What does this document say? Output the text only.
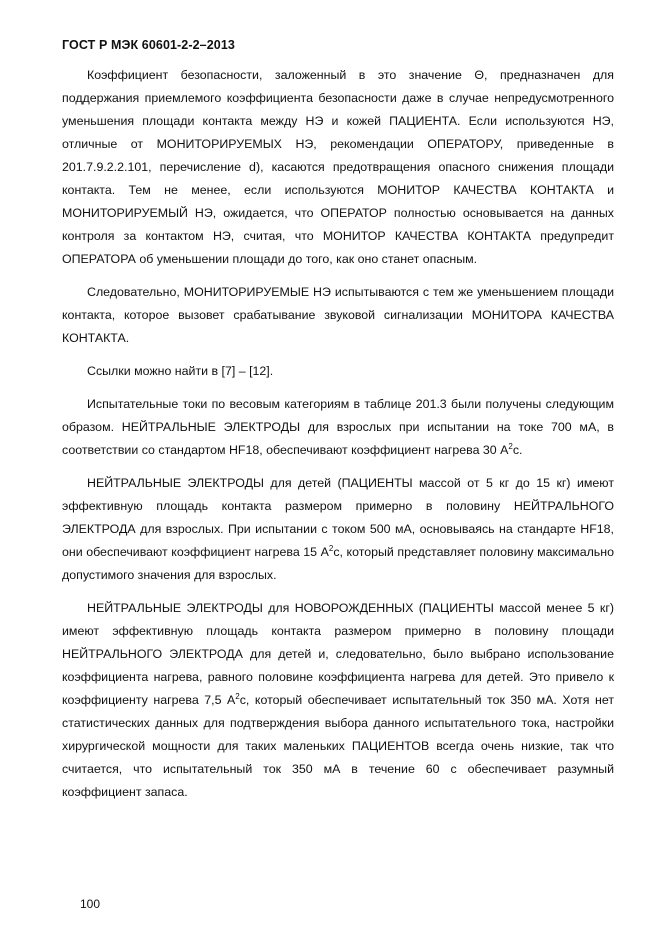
ГОСТ Р МЭК 60601-2-2–2013

Коэффициент безопасности, заложенный в это значение Θ, предназначен для поддержания приемлемого коэффициента безопасности даже в случае непредусмотренного уменьшения площади контакта между НЭ и кожей ПАЦИЕНТА. Если используются НЭ, отличные от МОНИТОРИРУЕМЫХ НЭ, рекомендации ОПЕРАТОРУ, приведенные в 201.7.9.2.2.101, перечисление d), касаются предотвращения опасного снижения площади контакта. Тем не менее, если используются МОНИТОР КАЧЕСТВА КОНТАКТА и МОНИТОРИРУЕМЫЙ НЭ, ожидается, что ОПЕРАТОР полностью основывается на данных контроля за контактом НЭ, считая, что МОНИТОР КАЧЕСТВА КОНТАКТА предупредит ОПЕРАТОРА об уменьшении площади до того, как оно станет опасным.

Следовательно, МОНИТОРИРУЕМЫЕ НЭ испытываются с тем же уменьшением площади контакта, которое вызовет срабатывание звуковой сигнализации МОНИТОРА КАЧЕСТВА КОНТАКТА.

Ссылки можно найти в [7] – [12].

Испытательные токи по весовым категориям в таблице 201.3 были получены следующим образом. НЕЙТРАЛЬНЫЕ ЭЛЕКТРОДЫ для взрослых при испытании на токе 700 мА, в соответствии со стандартом HF18, обеспечивают коэффициент нагрева 30 $А^2с$.

НЕЙТРАЛЬНЫЕ ЭЛЕКТРОДЫ для детей (ПАЦИЕНТЫ массой от 5 кг до 15 кг) имеют эффективную площадь контакта размером примерно в половину НЕЙТРАЛЬНОГО ЭЛЕКТРОДА для взрослых. При испытании с током 500 мА, основываясь на стандарте HF18, они обеспечивают коэффициент нагрева 15 $А^2с$, который представляет половину максимально допустимого значения для взрослых.

НЕЙТРАЛЬНЫЕ ЭЛЕКТРОДЫ для НОВОРОЖДЕННЫХ (ПАЦИЕНТЫ массой менее 5 кг) имеют эффективную площадь контакта размером примерно в половину площади НЕЙТРАЛЬНОГО ЭЛЕКТРОДА для детей и, следовательно, было выбрано использование коэффициента нагрева, равного половине коэффициента нагрева для детей. Это привело к коэффициенту нагрева 7,5 $А^2с$, который обеспечивает испытательный ток 350 мА. Хотя нет статистических данных для подтверждения выбора данного испытательного тока, настройки хирургической мощности для таких маленьких ПАЦИЕНТОВ всегда очень низкие, так что считается, что испытательный ток 350 мА в течение 60 с обеспечивает разумный коэффициент запаса.

100
